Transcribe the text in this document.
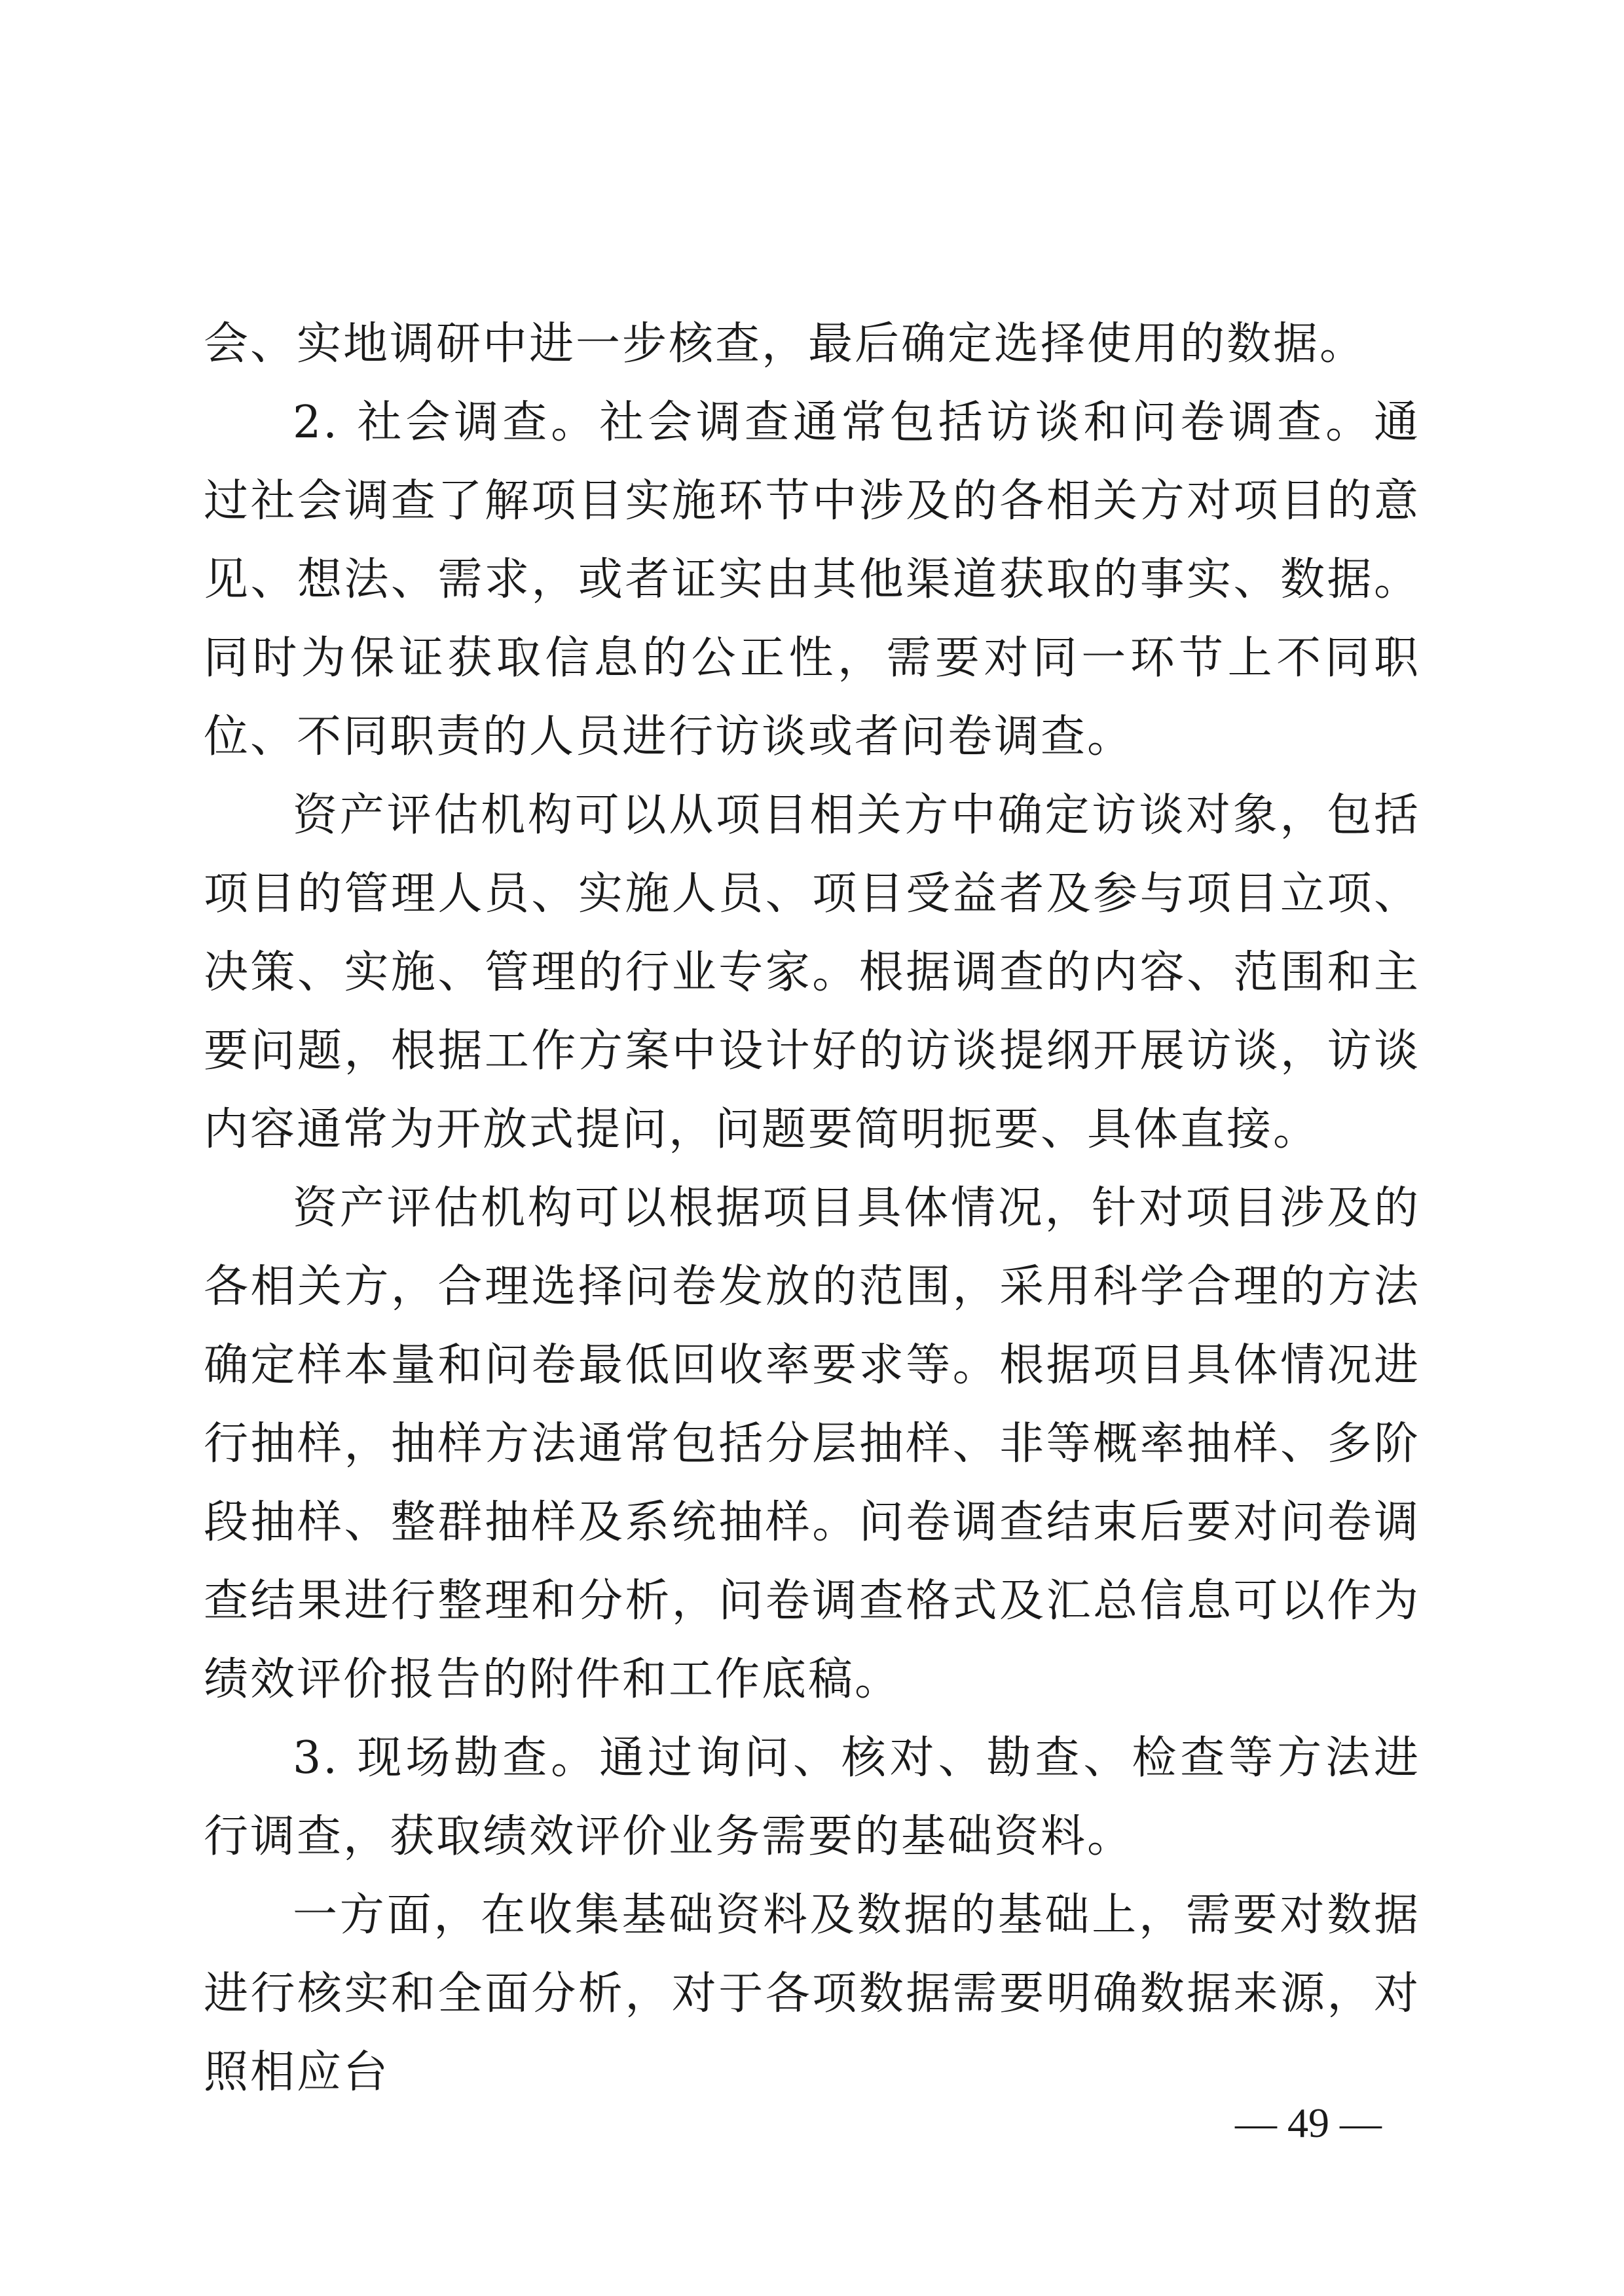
会、实地调研中进一步核查，最后确定选择使用的数据。

2. 社会调查。社会调查通常包括访谈和问卷调查。通过社会调查了解项目实施环节中涉及的各相关方对项目的意见、想法、需求，或者证实由其他渠道获取的事实、数据。同时为保证获取信息的公正性，需要对同一环节上不同职位、不同职责的人员进行访谈或者问卷调查。

资产评估机构可以从项目相关方中确定访谈对象，包括项目的管理人员、实施人员、项目受益者及参与项目立项、决策、实施、管理的行业专家。根据调查的内容、范围和主要问题，根据工作方案中设计好的访谈提纲开展访谈，访谈内容通常为开放式提问，问题要简明扼要、具体直接。

资产评估机构可以根据项目具体情况，针对项目涉及的各相关方，合理选择问卷发放的范围，采用科学合理的方法确定样本量和问卷最低回收率要求等。根据项目具体情况进行抽样，抽样方法通常包括分层抽样、非等概率抽样、多阶段抽样、整群抽样及系统抽样。问卷调查结束后要对问卷调查结果进行整理和分析，问卷调查格式及汇总信息可以作为绩效评价报告的附件和工作底稿。

3. 现场勘查。通过询问、核对、勘查、检查等方法进行调查，获取绩效评价业务需要的基础资料。

一方面，在收集基础资料及数据的基础上，需要对数据进行核实和全面分析，对于各项数据需要明确数据来源，对照相应台

— 49 —
